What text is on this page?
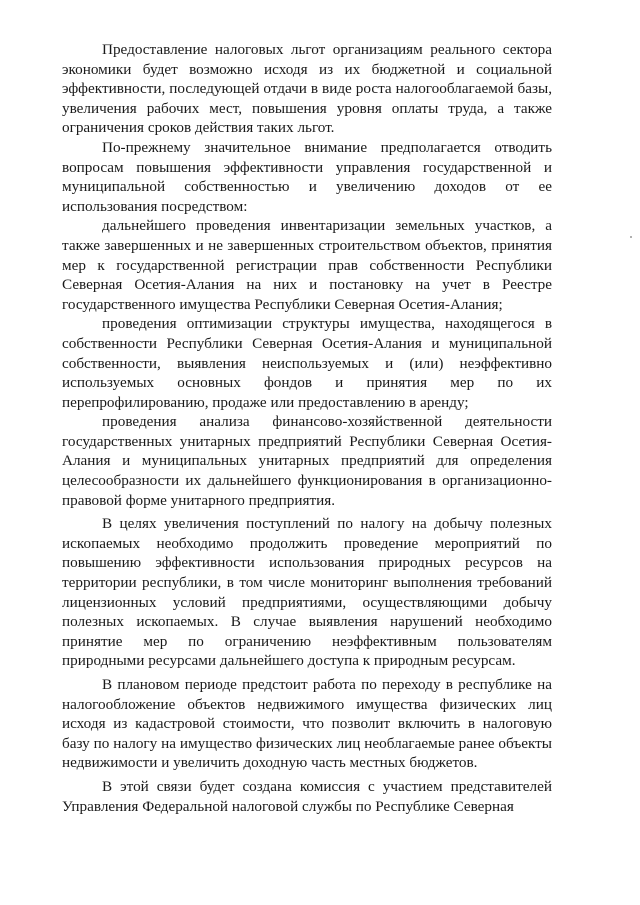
Предоставление налоговых льгот организациям реального сектора экономики будет возможно исходя из их бюджетной и социальной эффективности, последующей отдачи в виде роста налогооблагаемой базы, увеличения рабочих мест, повышения уровня оплаты труда, а также ограничения сроков действия таких льгот.

По-прежнему значительное внимание предполагается отводить вопросам повышения эффективности управления государственной и муниципальной собственностью и увеличению доходов от ее использования посредством:

дальнейшего проведения инвентаризации земельных участков, а также завершенных и не завершенных строительством объектов, принятия мер к государственной регистрации прав собственности Республики Северная Осетия-Алания на них и постановку на учет в Реестре государственного имущества Республики Северная Осетия-Алания;

проведения оптимизации структуры имущества, находящегося в собственности Республики Северная Осетия-Алания и муниципальной собственности, выявления неиспользуемых и (или) неэффективно используемых основных фондов и принятия мер по их перепрофилированию, продаже или предоставлению в аренду;

проведения анализа финансово-хозяйственной деятельности государственных унитарных предприятий Республики Северная Осетия-Алания и муниципальных унитарных предприятий для определения целесообразности их дальнейшего функционирования в организационно-правовой форме унитарного предприятия.

В целях увеличения поступлений по налогу на добычу полезных ископаемых необходимо продолжить проведение мероприятий по повышению эффективности использования природных ресурсов на территории республики, в том числе мониторинг выполнения требований лицензионных условий предприятиями, осуществляющими добычу полезных ископаемых. В случае выявления нарушений необходимо принятие мер по ограничению неэффективным пользователям природными ресурсами дальнейшего доступа к природным ресурсам.

В плановом периоде предстоит работа по переходу в республике на налогообложение объектов недвижимого имущества физических лиц исходя из кадастровой стоимости, что позволит включить в налоговую базу по налогу на имущество физических лиц необлагаемые ранее объекты недвижимости и увеличить доходную часть местных бюджетов.

В этой связи будет создана комиссия с участием представителей Управления Федеральной налоговой службы по Республике Северная
